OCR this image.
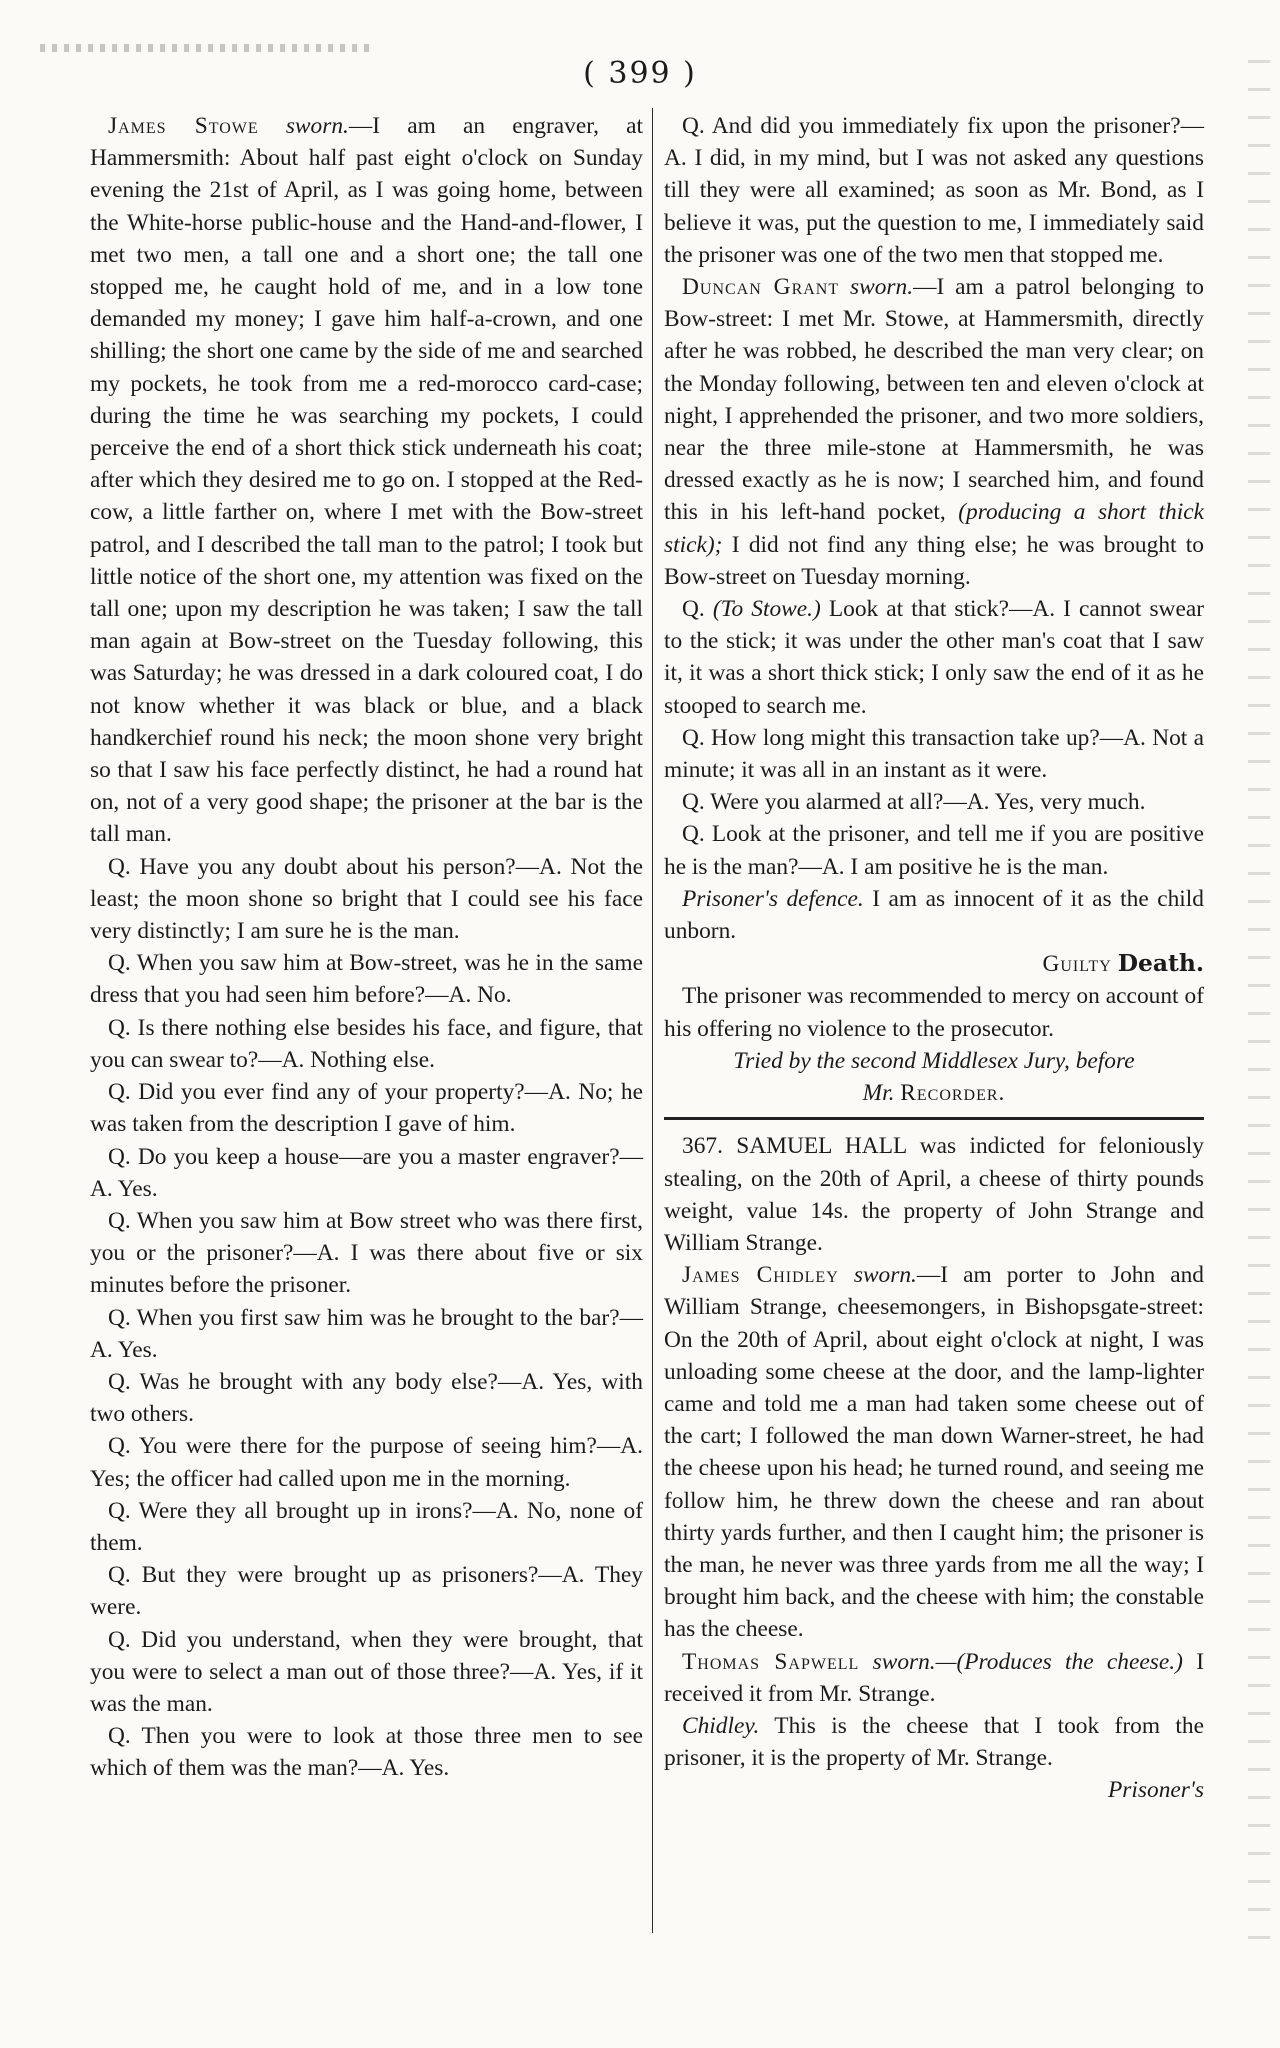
( 399 )

James Stowe sworn.—I am an engraver, at Hammersmith: About half past eight o'clock on Sunday evening the 21st of April, as I was going home, between the White-horse public-house and the Hand-and-flower, I met two men, a tall one and a short one; the tall one stopped me, he caught hold of me, and in a low tone demanded my money; I gave him half-a-crown, and one shilling; the short one came by the side of me and searched my pockets, he took from me a red-morocco card-case; during the time he was searching my pockets, I could perceive the end of a short thick stick underneath his coat; after which they desired me to go on. I stopped at the Red-cow, a little farther on, where I met with the Bow-street patrol, and I described the tall man to the patrol; I took but little notice of the short one, my attention was fixed on the tall one; upon my description he was taken; I saw the tall man again at Bow-street on the Tuesday following, this was Saturday; he was dressed in a dark coloured coat, I do not know whether it was black or blue, and a black handkerchief round his neck; the moon shone very bright so that I saw his face perfectly distinct, he had a round hat on, not of a very good shape; the prisoner at the bar is the tall man.

Q. Have you any doubt about his person?—A. Not the least; the moon shone so bright that I could see his face very distinctly; I am sure he is the man.

Q. When you saw him at Bow-street, was he in the same dress that you had seen him before?—A. No.

Q. Is there nothing else besides his face, and figure, that you can swear to?—A. Nothing else.

Q. Did you ever find any of your property?—A. No; he was taken from the description I gave of him.

Q. Do you keep a house—are you a master engraver?—A. Yes.

Q. When you saw him at Bow street who was there first, you or the prisoner?—A. I was there about five or six minutes before the prisoner.

Q. When you first saw him was he brought to the bar?—A. Yes.

Q. Was he brought with any body else?—A. Yes, with two others.

Q. You were there for the purpose of seeing him?—A. Yes; the officer had called upon me in the morning.

Q. Were they all brought up in irons?—A. No, none of them.

Q. But they were brought up as prisoners?—A. They were.

Q. Did you understand, when they were brought, that you were to select a man out of those three?—A. Yes, if it was the man.

Q. Then you were to look at those three men to see which of them was the man?—A. Yes.

Q. And did you immediately fix upon the prisoner?—A. I did, in my mind, but I was not asked any questions till they were all examined; as soon as Mr. Bond, as I believe it was, put the question to me, I immediately said the prisoner was one of the two men that stopped me.

Duncan Grant sworn.—I am a patrol belonging to Bow-street: I met Mr. Stowe, at Hammersmith, directly after he was robbed, he described the man very clear; on the Monday following, between ten and eleven o'clock at night, I apprehended the prisoner, and two more soldiers, near the three mile-stone at Hammersmith, he was dressed exactly as he is now; I searched him, and found this in his left-hand pocket, (producing a short thick stick); I did not find any thing else; he was brought to Bow-street on Tuesday morning.

Q. (To Stowe.) Look at that stick?—A. I cannot swear to the stick; it was under the other man's coat that I saw it, it was a short thick stick; I only saw the end of it as he stooped to search me.

Q. How long might this transaction take up?—A. Not a minute; it was all in an instant as it were.

Q. Were you alarmed at all?—A. Yes, very much.

Q. Look at the prisoner, and tell me if you are positive he is the man?—A. I am positive he is the man.

Prisoner's defence. I am as innocent of it as the child unborn.

Guilty Death.

The prisoner was recommended to mercy on account of his offering no violence to the prosecutor.

Tried by the second Middlesex Jury, before

Mr. Recorder.

367. SAMUEL HALL was indicted for feloniously stealing, on the 20th of April, a cheese of thirty pounds weight, value 14s. the property of John Strange and William Strange.

James Chidley sworn.—I am porter to John and William Strange, cheesemongers, in Bishopsgate-street: On the 20th of April, about eight o'clock at night, I was unloading some cheese at the door, and the lamp-lighter came and told me a man had taken some cheese out of the cart; I followed the man down Warner-street, he had the cheese upon his head; he turned round, and seeing me follow him, he threw down the cheese and ran about thirty yards further, and then I caught him; the prisoner is the man, he never was three yards from me all the way; I brought him back, and the cheese with him; the constable has the cheese.

Thomas Sapwell sworn.—(Produces the cheese.) I received it from Mr. Strange.

Chidley. This is the cheese that I took from the prisoner, it is the property of Mr. Strange.

Prisoner's
